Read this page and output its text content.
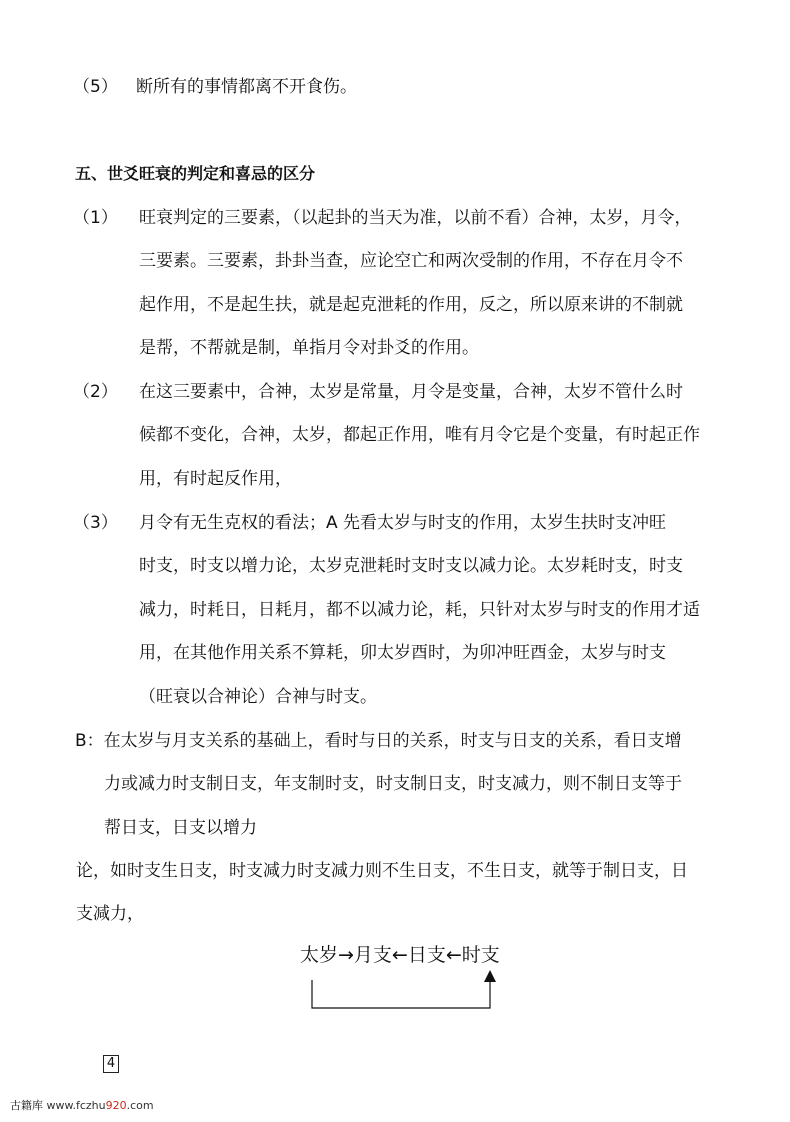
（5） 断所有的事情都离不开食伤。
五、世爻旺衰的判定和喜忌的区分
（1） 旺衰判定的三要素，（以起卦的当天为准，以前不看）合神，太岁，月令，
三要素。三要素，卦卦当查，应论空亡和两次受制的作用，不存在月令不
起作用，不是起生扶，就是起克泄耗的作用，反之，所以原来讲的不制就
是帮，不帮就是制，单指月令对卦爻的作用。
（2） 在这三要素中，合神，太岁是常量，月令是变量，合神，太岁不管什么时
候都不变化，合神，太岁，都起正作用，唯有月令它是个变量，有时起正作
用，有时起反作用，
（3） 月令有无生克权的看法；A 先看太岁与时支的作用，太岁生扶时支冲旺
时支，时支以增力论，太岁克泄耗时支时支以减力论。太岁耗时支，时支
减力，时耗日，日耗月，都不以减力论，耗，只针对太岁与时支的作用才适
用，在其他作用关系不算耗，卯太岁酉时，为卯冲旺酉金，太岁与时支
（旺衰以合神论）合神与时支。
B：在太岁与月支关系的基础上，看时与日的关系，时支与日支的关系，看日支增
力或减力时支制日支，年支制时支，时支制日支，时支减力，则不制日支等于
帮日支，日支以增力
论，如时支生日支，时支减力时支减力则不生日支，不生日支，就等于制日支，日
支减力，
太岁→月支←日支←时支
4
古籍库 www.fczhu920.com
